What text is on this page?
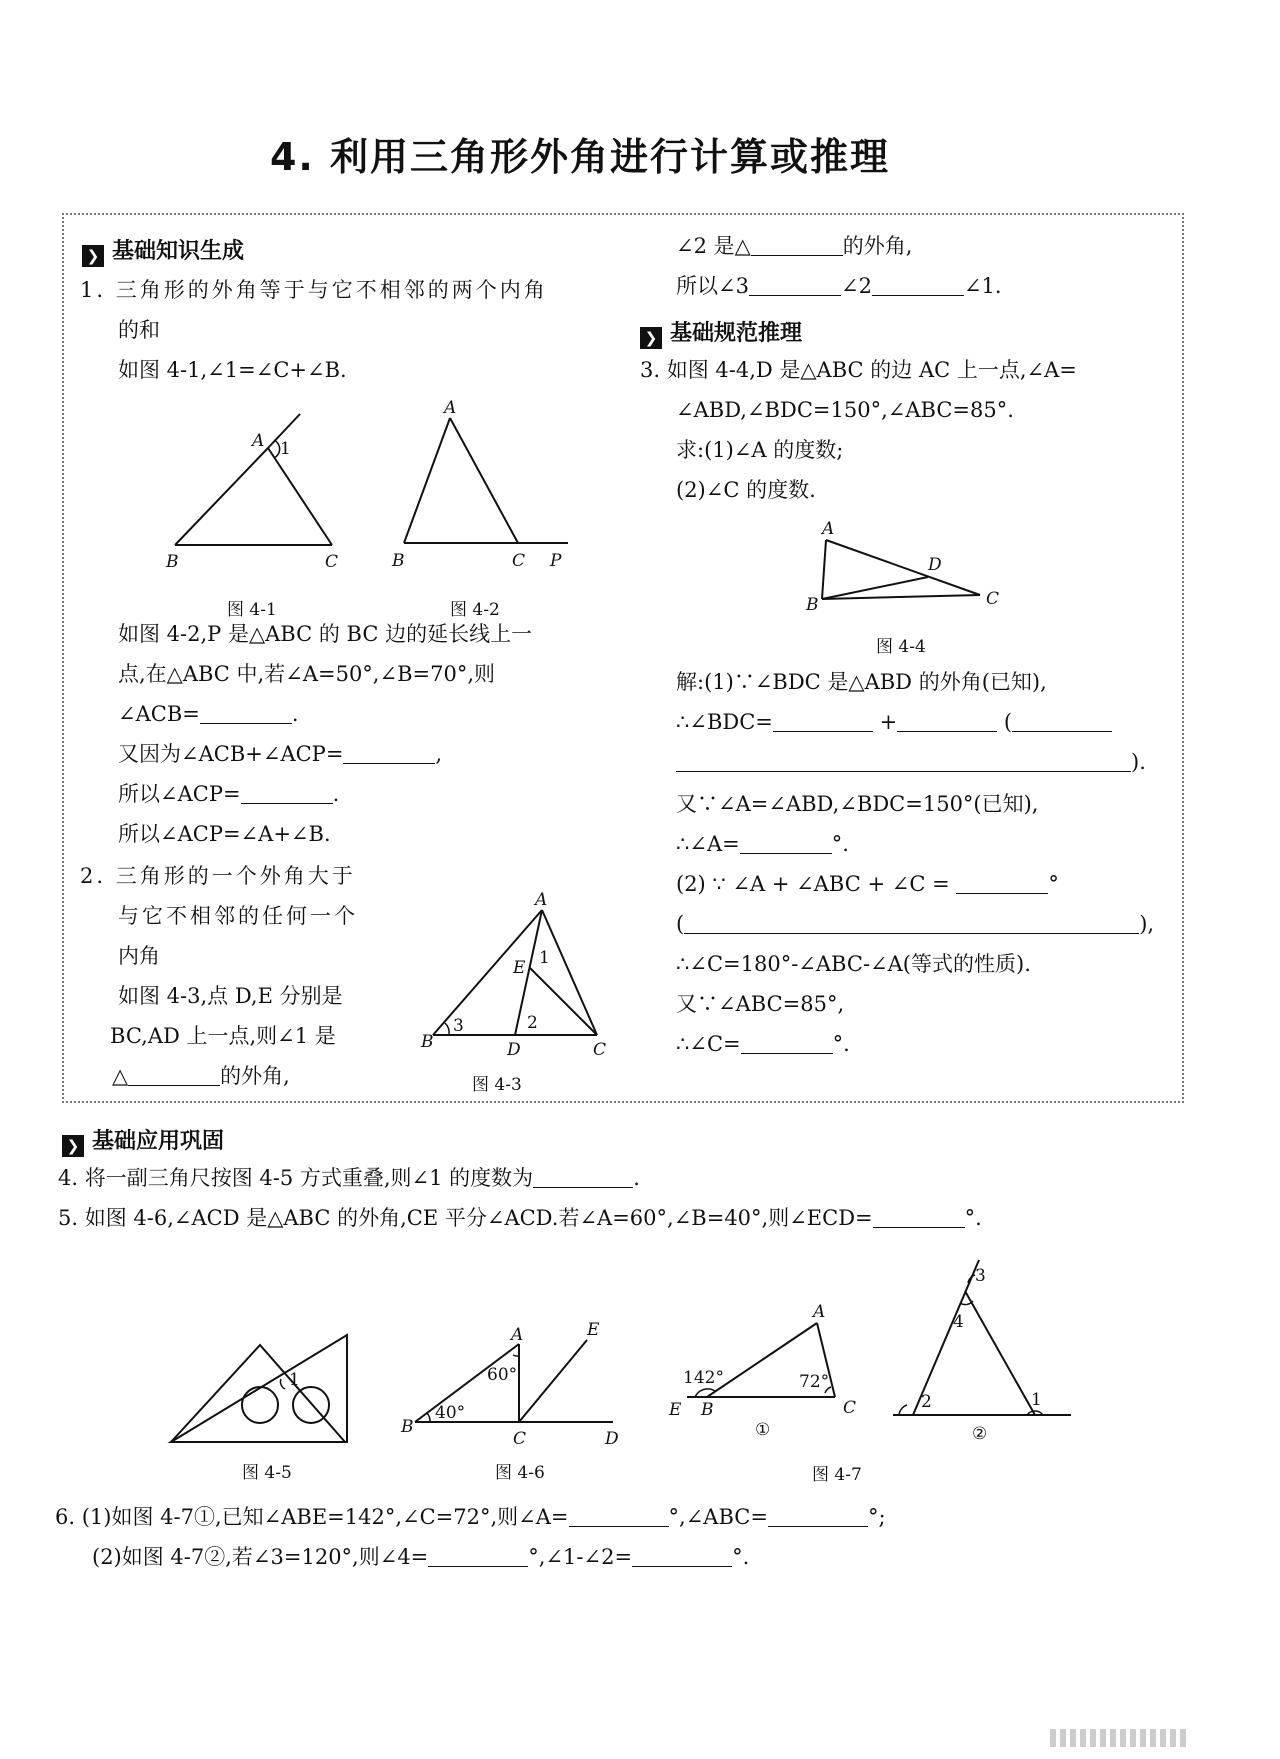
4. 利用三角形外角进行计算或推理
❯ 基础知识生成
1. 三角形的外角等于与它不相邻的两个内角
的和
如图 4-1,∠1=∠C+∠B.
A 1
B	C
图 4-1
A
B	C P
图 4-2
如图 4-2,P 是△ABC 的 BC 边的延长线上一
点,在△ABC 中,若∠A=50°,∠B=70°,则
∠ACB=	.
又因为∠ACB+∠ACP=	,
所以∠ACP=	.
所以∠ACP=∠A+∠B.
2. 三角形的一个外角大于
与它不相邻的任何一个
内角
如图 4-3,点 D,E 分别是
BC,AD 上一点,则∠1 是
△	的外角,
A
B	C
D
E 1
2
3
图 4-3
∠2 是△	的外角,
所以∠3	∠2	∠1.
❯ 基础规范推理
3. 如图 4-4,D 是△ABC 的边 AC 上一点,∠A=
∠ABD,∠BDC=150°,∠ABC=85°.
求:(1)∠A 的度数;
(2)∠C 的度数.
A
B	C
D
图 4-4
解:(1)∵∠BDC 是△ABD 的外角(已知),
∴∠BDC=	+	(
).
又∵∠A=∠ABD,∠BDC=150°(已知),
∴∠A=	°.
(2) ∵ ∠A + ∠ABC + ∠C =	°
(	),
∴∠C=180°-∠ABC-∠A(等式的性质).
又∵∠ABC=85°,
∴∠C=	°.
❯ 基础应用巩固
4. 将一副三角尺按图 4-5 方式重叠,则∠1 的度数为	.
5. 如图 4-6,∠ACD 是△ABC 的外角,CE 平分∠ACD.若∠A=60°,∠B=40°,则∠ECD=	°.
1
图 4-5
A
B
C	D
E
60°
40°
图 4-6
A
E B	C
142°	72°
①
图 4-7
3
4
2	1
②
6. (1)如图 4-7①,已知∠ABE=142°,∠C=72°,则∠A=	°,∠ABC=	°;
(2)如图 4-7②,若∠3=120°,则∠4=	°,∠1-∠2=	°.
